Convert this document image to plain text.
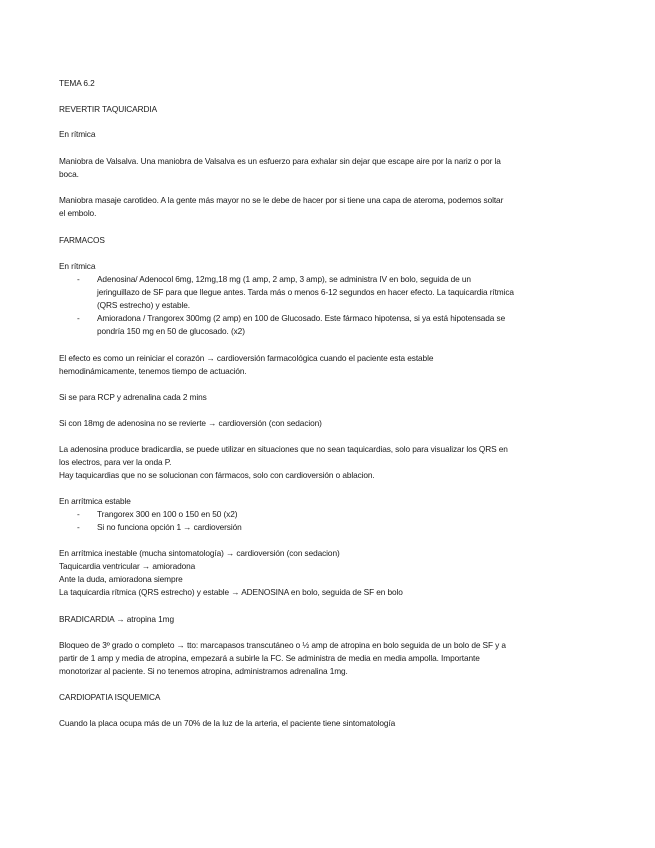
TEMA 6.2
REVERTIR TAQUICARDIA
En rítmica
Maniobra de Valsalva. Una maniobra de Valsalva es un esfuerzo para exhalar sin dejar que escape aire por la nariz o por la
boca.
Maniobra masaje carotideo. A la gente más mayor no se le debe de hacer por si tiene una capa de ateroma, podemos soltar
el embolo.
FARMACOS
En rítmica
- Adenosina/ Adenocol 6mg, 12mg,18 mg (1 amp, 2 amp, 3 amp), se administra IV en bolo, seguida de un
jeringuillazo de SF para que llegue antes. Tarda más o menos 6-12 segundos en hacer efecto. La taquicardia rítmica
(QRS estrecho) y estable.
- Amioradona / Trangorex 300mg (2 amp) en 100 de Glucosado. Este fármaco hipotensa, si ya está hipotensada se
pondría 150 mg en 50 de glucosado. (x2)
El efecto es como un reiniciar el corazón → cardioversión farmacológica cuando el paciente esta estable
hemodinámicamente, tenemos tiempo de actuación.
Si se para RCP y adrenalina cada 2 mins
Si con 18mg de adenosina no se revierte → cardioversión (con sedacion)
La adenosina produce bradicardia, se puede utilizar en situaciones que no sean taquicardias, solo para visualizar los QRS en
los electros, para ver la onda P.
Hay taquicardias que no se solucionan con fármacos, solo con cardioversión o ablacion.
En arrítmica estable
- Trangorex 300 en 100 o 150 en 50 (x2)
- Si no funciona opción 1 → cardioversión
En arrítmica inestable (mucha sintomatología) → cardioversión (con sedacion)
Taquicardia ventricular → amioradona
Ante la duda, amioradona siempre
La taquicardia rítmica (QRS estrecho) y estable → ADENOSINA en bolo, seguida de SF en bolo
BRADICARDIA → atropina 1mg
Bloqueo de 3º grado o completo → tto: marcapasos transcutáneo o ½ amp de atropina en bolo seguida de un bolo de SF y a
partir de 1 amp y media de atropina, empezará a subirle la FC. Se administra de media en media ampolla. Importante
monotorizar al paciente. Si no tenemos atropina, administramos adrenalina 1mg.
CARDIOPATIA ISQUEMICA
Cuando la placa ocupa más de un 70% de la luz de la arteria, el paciente tiene sintomatología
